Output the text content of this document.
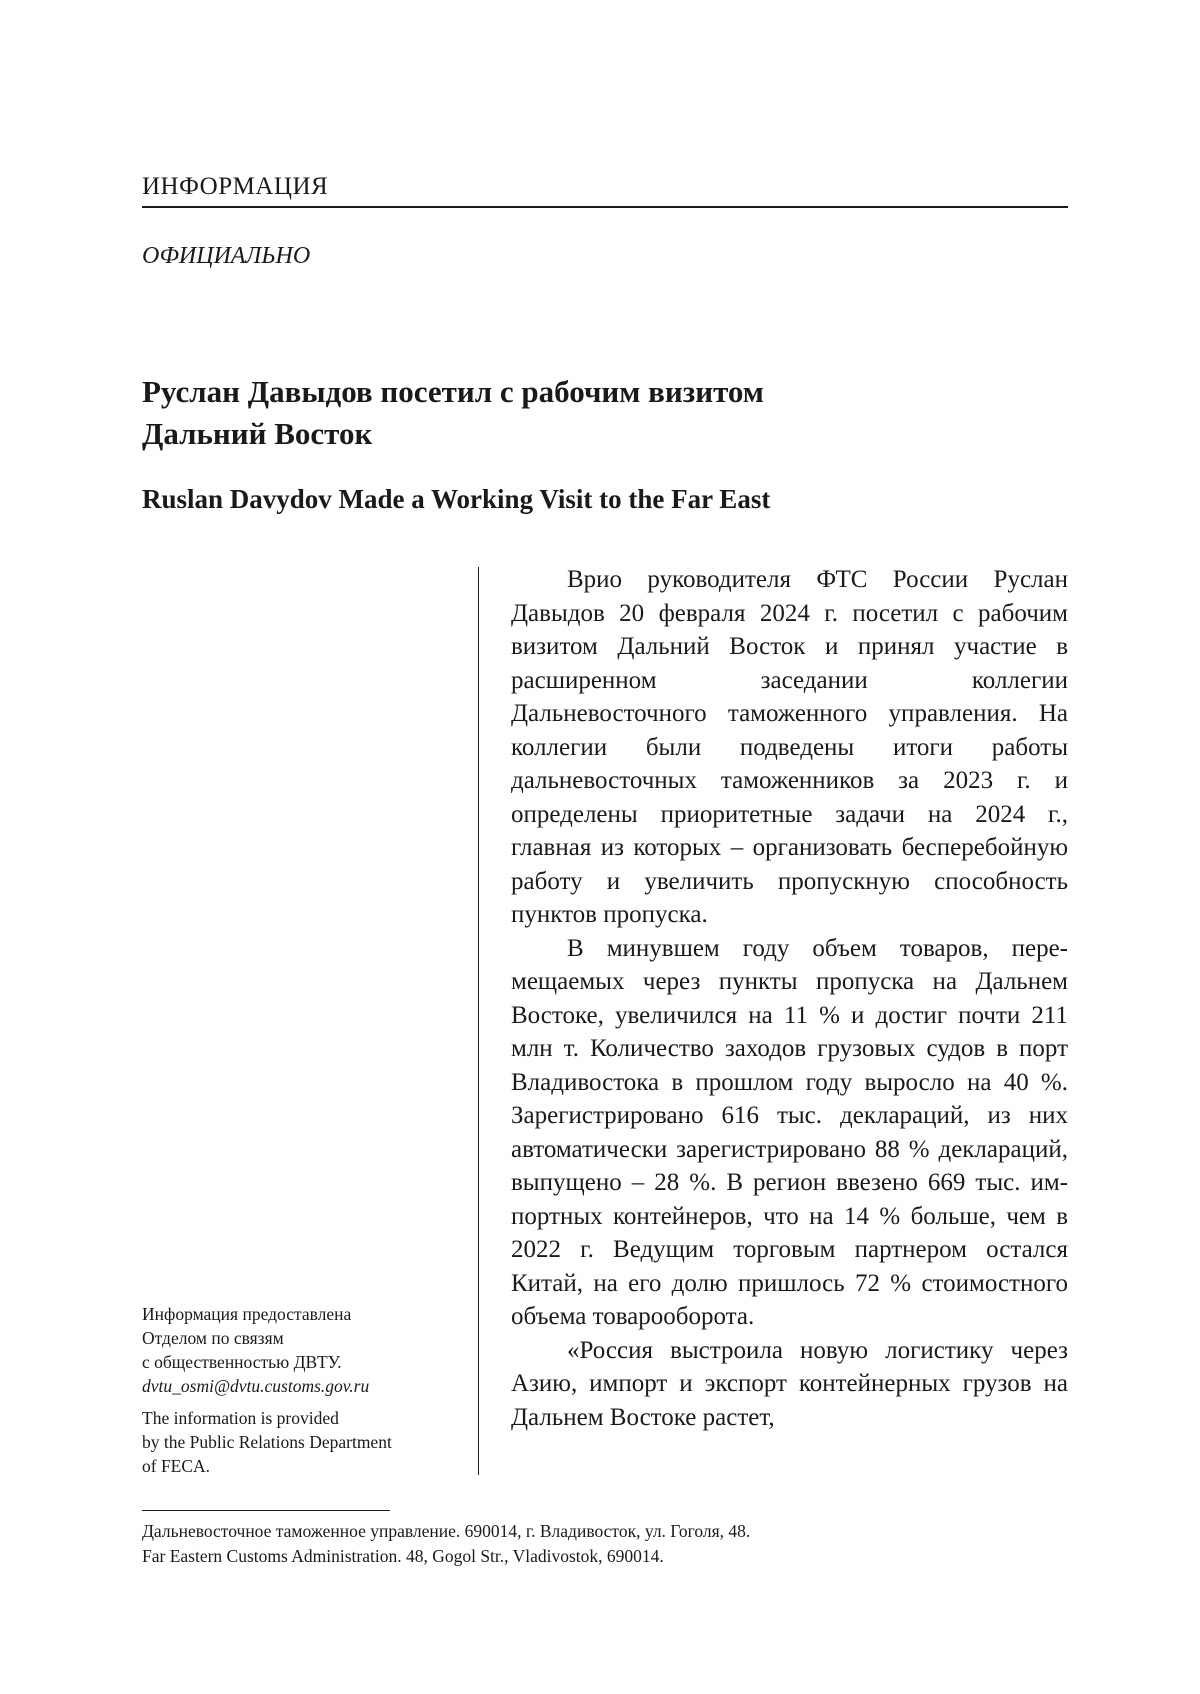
ИНФОРМАЦИЯ
ОФИЦИАЛЬНО
Руслан Давыдов посетил с рабочим визитом
Дальний Восток
Ruslan Davydov Made a Working Visit to the Far East
Информация предоставлена
Отделом по связям
с общественностью ДВТУ.
dvtu_osmi@dvtu.customs.gov.ru
The information is provided
by the Public Relations Department
of FECA.

Врио руководителя ФТС России Руслан Давыдов 20 февраля 2024 г. посетил с рабочим визитом Дальний Восток и принял участие в расширенном заседании коллегии Дальневосточного таможенного управления. На коллегии были подведены итоги работы дальневосточных таможенников за 2023 г. и определены приоритетные задачи на 2024 г., главная из которых – организовать бесперебойную работу и увеличить пропускную способность пунктов пропуска.

В минувшем году объем товаров, перемещаемых через пункты пропуска на Дальнем Востоке, увеличился на 11 % и достиг почти 211 млн т. Количество заходов грузовых судов в порт Владивостока в прошлом году выросло на 40 %. Зарегистрировано 616 тыс. деклараций, из них автоматически зарегистрировано 88 % деклараций, выпущено – 28 %. В регион ввезено 669 тыс. импортных контейнеров, что на 14 % больше, чем в 2022 г. Ведущим торговым партнером остался Китай, на его долю пришлось 72 % стоимостного объема товарооборота.

«Россия выстроила новую логистику через Азию, импорт и экспорт контейнерных грузов на Дальнем Востоке растет,

Дальневосточное таможенное управление. 690014, г. Владивосток, ул. Гоголя, 48.
Far Eastern Customs Administration. 48, Gogol Str., Vladivostok, 690014.
